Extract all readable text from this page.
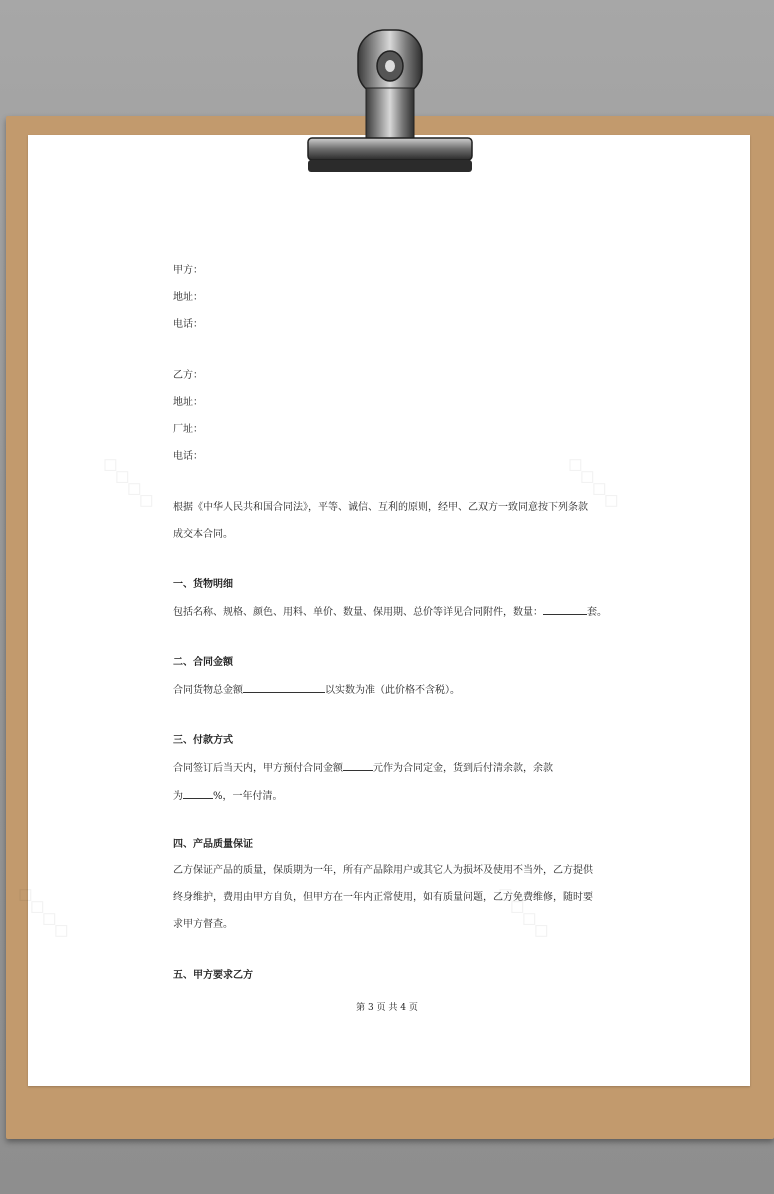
◇◇◇◇	◇◇◇◇
◇◇◇◇	◇◇◇◇
甲方：
地址：
电话：
乙方：
地址：
厂址：
电话：
根据《中华人民共和国合同法》，平等、诚信、互利的原则，经甲、乙双方一致同意按下列条款
成交本合同。
一、货物明细
包括名称、规格、颜色、用料、单价、数量、保用期、总价等详见合同附件，数量：	套。
二、合同金额
合同货物总金额	以实数为准（此价格不含税）。
三、付款方式
合同签订后当天内，甲方预付合同金额	元作为合同定金，货到后付清余款，余款
为	%，一年付清。
四、产品质量保证
乙方保证产品的质量，保质期为一年，所有产品除用户或其它人为损坏及使用不当外，乙方提供
终身维护，费用由甲方自负，但甲方在一年内正常使用，如有质量问题，乙方免费维修，随时要
求甲方督查。
五、甲方要求乙方
第 3 页 共 4 页
